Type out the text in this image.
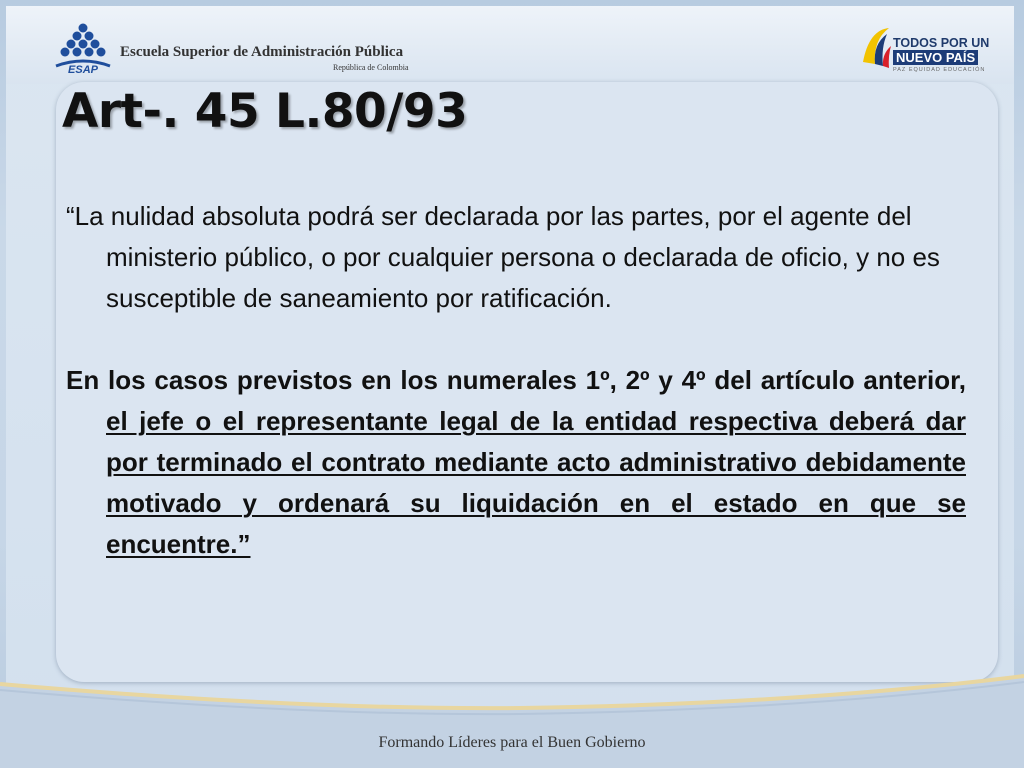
ESAP
Escuela Superior de Administración Pública
República de Colombia
TODOS POR UN
NUEVO PAÍS
PAZ EQUIDAD EDUCACIÓN
Art-. 45 L.80/93

“La nulidad absoluta podrá ser declarada por las partes, por el agente del ministerio público, o por cualquier persona o declarada de oficio, y no es susceptible de saneamiento por ratificación.

En los casos previstos en los numerales 1º, 2º y 4º del artículo anterior, el jefe o el representante legal de la entidad respectiva deberá dar por terminado el contrato mediante acto administrativo debidamente motivado y ordenará su liquidación en el estado en que se encuentre.”

Formando Líderes para el Buen Gobierno
